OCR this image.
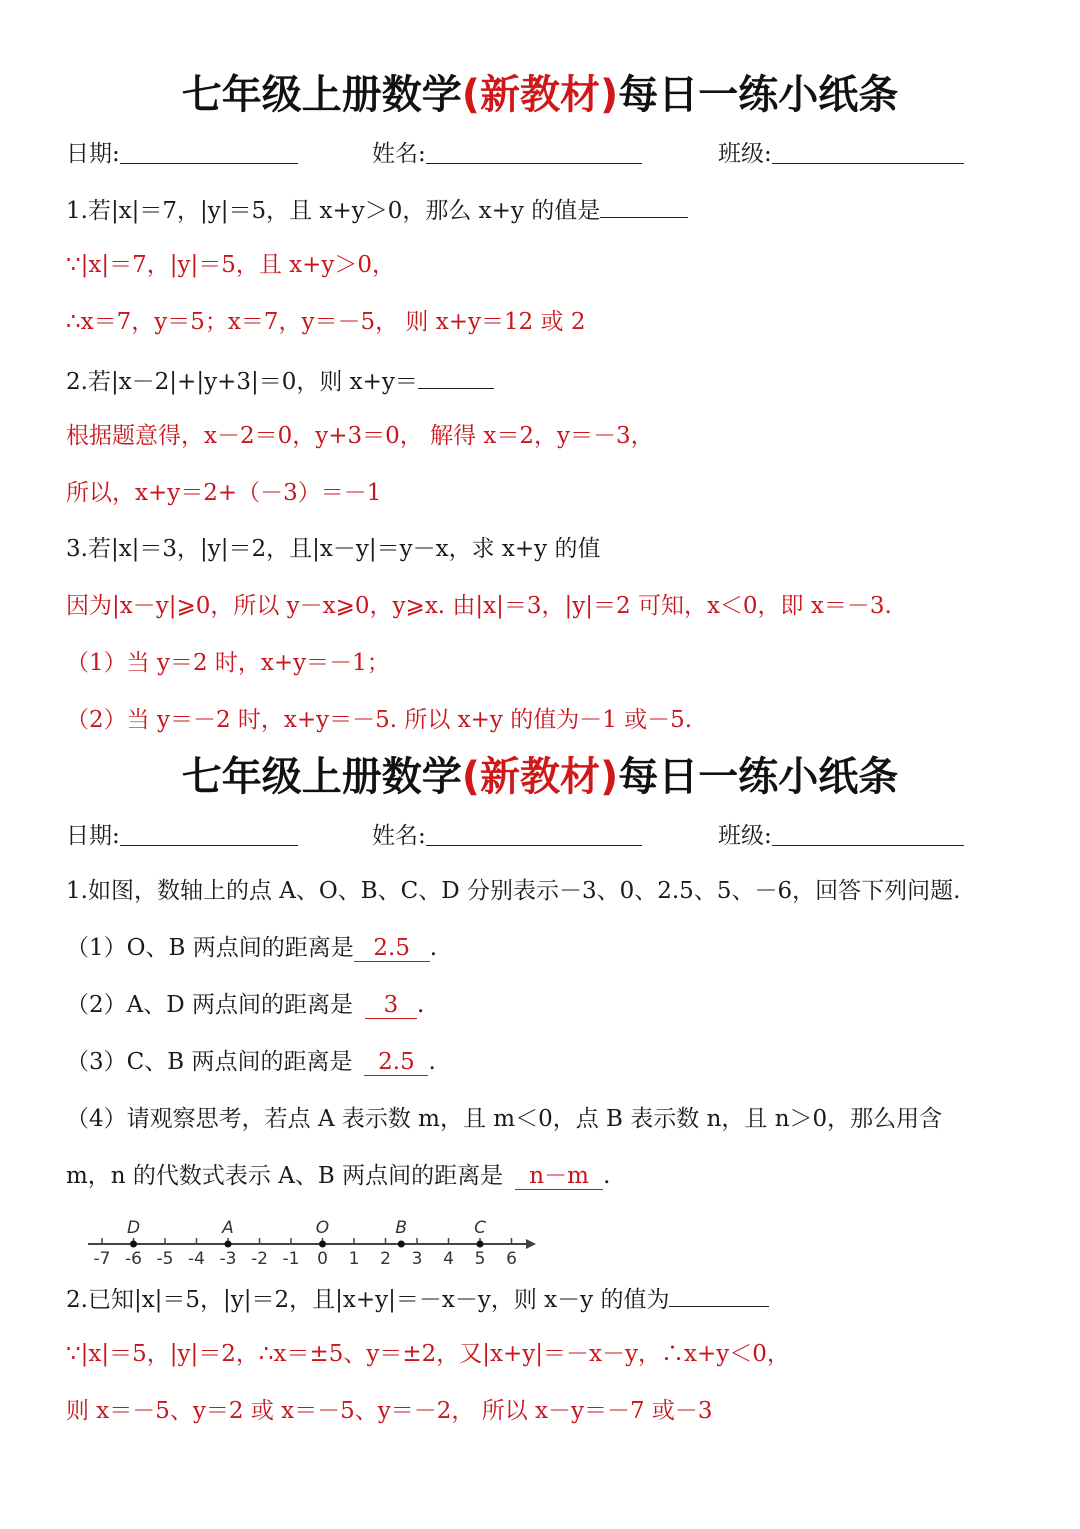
七年级上册数学(新教材)每日一练小纸条
日期:	姓名:	班级:
1.若|x|＝7，|y|＝5，且 x+y＞0，那么 x+y 的值是
∵|x|＝7，|y|＝5，且 x+y＞0，
∴x＝7，y＝5；x＝7，y＝－5， 则 x+y＝12 或 2
2.若|x－2|+|y+3|＝0，则 x+y＝
根据题意得，x－2＝0，y+3＝0， 解得 x＝2，y＝－3，
所以，x+y＝2+（－3）＝－1
3.若|x|＝3，|y|＝2，且|x－y|＝y－x，求 x+y 的值
因为|x－y|⩾0，所以 y－x⩾0，y⩾x. 由|x|＝3，|y|＝2 可知，x＜0，即 x＝－3.
（1）当 y＝2 时，x+y＝－1；
（2）当 y＝－2 时，x+y＝－5. 所以 x+y 的值为－1 或－5.
七年级上册数学(新教材)每日一练小纸条
日期:	姓名:	班级:
1.如图，数轴上的点 A、O、B、C、D 分别表示－3、0、2.5、5、－6，回答下列问题.
（1）O、B 两点间的距离是 2.5 .
（2）A、D 两点间的距离是 3 .
（3）C、B 两点间的距离是 2.5 .
（4）请观察思考，若点 A 表示数 m，且 m＜0，点 B 表示数 n，且 n＞0，那么用含
m，n 的代数式表示 A、B 两点间的距离是 n－m .
-7 -6 -5 -4 -3 -2 -1 0 1 2 3 4 5 6
D	A	O	B	C
2.已知|x|＝5，|y|＝2，且|x+y|＝－x－y，则 x－y 的值为
∵|x|＝5，|y|＝2，∴x＝±5、y＝±2，又|x+y|＝－x－y，∴x+y＜0，
则 x＝－5、y＝2 或 x＝－5、y＝－2， 所以 x－y＝－7 或－3
